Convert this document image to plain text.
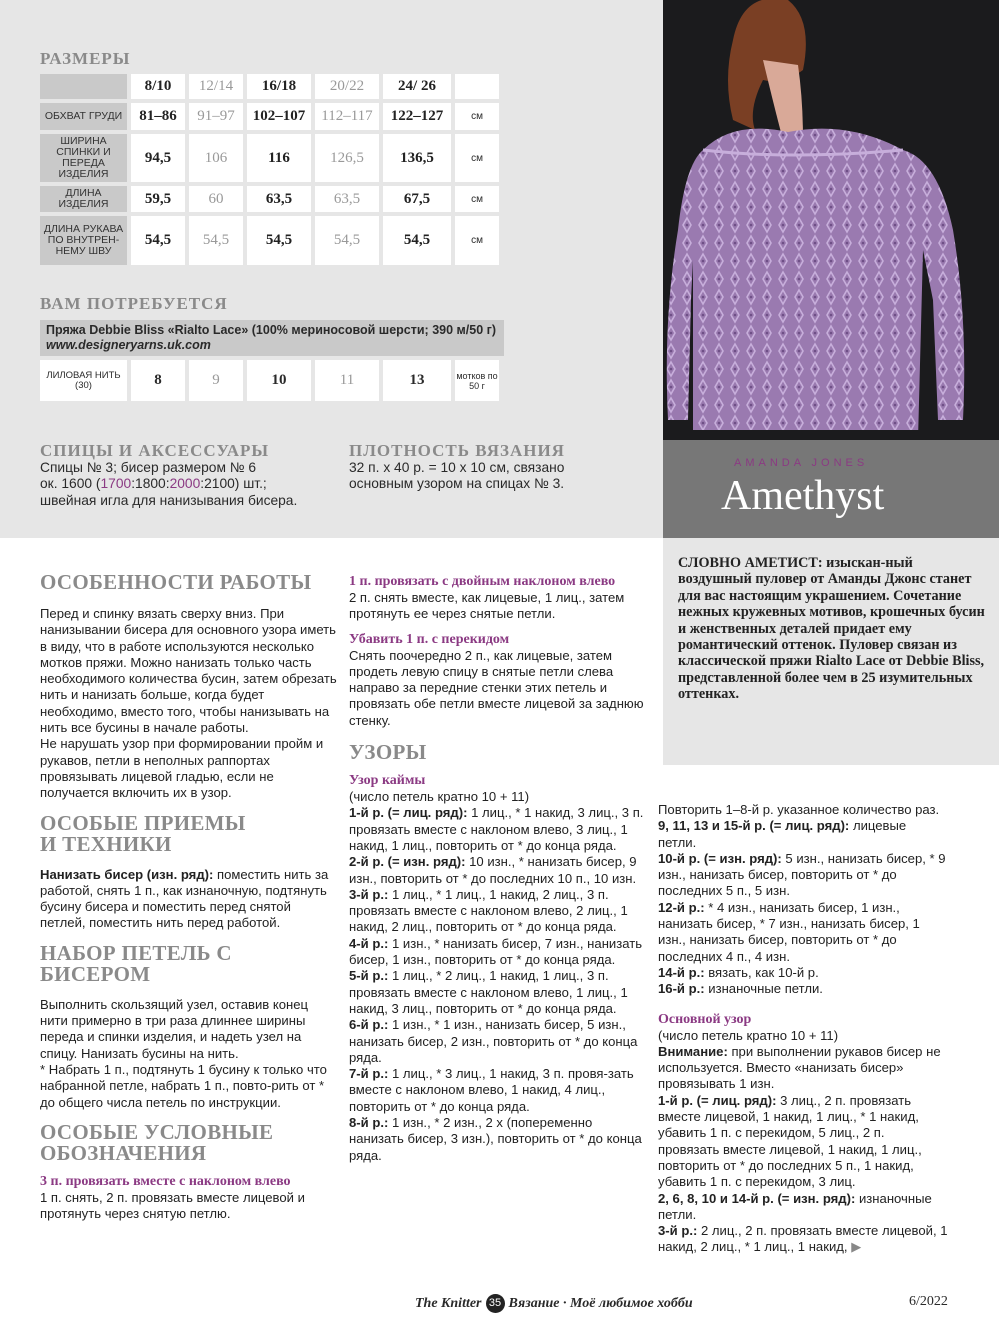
РАЗМЕРЫ
	8/10	12/14	16/18	20/22	24/ 26	
ОБХВАТ ГРУДИ	81–86	91–97	102–107	112–117	122–127	см
ШИРИНА СПИНКИ И ПЕРЕДА ИЗДЕЛИЯ	94,5	106	116	126,5	136,5	см
ДЛИНА ИЗДЕЛИЯ	59,5	60	63,5	63,5	67,5	см
ДЛИНА РУКАВА ПО ВНУТРЕН-НЕМУ ШВУ	54,5	54,5	54,5	54,5	54,5	см
ВАМ ПОТРЕБУЕТСЯ
Пряжа Debbie Bliss «Rialto Lace» (100% мериносовой шерсти; 390 м/50 г)
www.designeryarns.uk.com
ЛИЛОВАЯ НИТЬ (30)	8	9	10	11	13	мотков по 50 г
СПИЦЫ И АКСЕССУАРЫ
Спицы № 3; бисер размером № 6
ок. 1600 (1700:1800:2000:2100) шт.;
швейная игла для нанизывания бисера.
ПЛОТНОСТЬ ВЯЗАНИЯ
32 п. х 40 р. = 10 х 10 см, связано
основным узором на спицах № 3.
AMANDA JONES
Amethyst
СЛОВНО АМЕТИСТ: изыскан-ный воздушный пуловер от Аманды Джонс станет для вас настоящим украшением. Сочетание нежных кружевных мотивов, крошечных бусин и женственных деталей придает ему романтический оттенок. Пуловер связан из классической пряжи Rialto Lace от Debbie Bliss, представленной более чем в 25 изумительных оттенках.
ОСОБЕННОСТИ РАБОТЫ

Перед и спинку вязать сверху вниз. При нанизывании бисера для основного узора иметь в виду, что в работе используются несколько мотков пряжи. Можно нанизать только часть необходимого количества бусин, затем обрезать нить и нанизать больше, когда будет необходимо, вместо того, чтобы нанизывать на нить все бусины в начале работы.

Не нарушать узор при формировании пройм и рукавов, петли в неполных раппортах провязывать лицевой гладью, если не получается включить их в узор.

ОСОБЫЕ ПРИЕМЫ И ТЕХНИКИ

Нанизать бисер (изн. ряд): поместить нить за работой, снять 1 п., как изнаночную, подтянуть бусину бисера и поместить перед снятой петлей, поместить нить перед работой.

НАБОР ПЕТЕЛЬ С БИСЕРОМ

Выполнить скользящий узел, оставив конец нити примерно в три раза длиннее ширины переда и спинки изделия, и надеть узел на спицу. Нанизать бусины на нить.

* Набрать 1 п., подтянуть 1 бусину к только что набранной петле, набрать 1 п., повто-рить от * до общего числа петель по инструкции.

ОСОБЫЕ УСЛОВНЫЕ ОБОЗНАЧЕНИЯ
3 п. провязать вместе с наклоном влево

1 п. снять, 2 п. провязать вместе лицевой и протянуть через снятую петлю.

1 п. провязать с двойным наклоном влево

2 п. снять вместе, как лицевые, 1 лиц., затем протянуть ее через снятые петли.

Убавить 1 п. с перекидом

Снять поочередно 2 п., как лицевые, затем продеть левую спицу в снятые петли слева направо за передние стенки этих петель и провязать обе петли вместе лицевой за заднюю стенку.

УЗОРЫ
Узор каймы

(число петель кратно 10 + 11)

1-й р. (= лиц. ряд): 1 лиц., * 1 накид, 3 лиц., 3 п. провязать вместе с наклоном влево, 3 лиц., 1 накид, 1 лиц., повторить от * до конца ряда.

2-й р. (= изн. ряд): 10 изн., * нанизать бисер, 9 изн., повторить от * до последних 10 п., 10 изн.

3-й р.: 1 лиц., * 1 лиц., 1 накид, 2 лиц., 3 п. провязать вместе с наклоном влево, 2 лиц., 1 накид, 2 лиц., повторить от * до конца ряда.

4-й р.: 1 изн., * нанизать бисер, 7 изн., нанизать бисер, 1 изн., повторить от * до конца ряда.

5-й р.: 1 лиц., * 2 лиц., 1 накид, 1 лиц., 3 п. провязать вместе с наклоном влево, 1 лиц., 1 накид, 3 лиц., повторить от * до конца ряда.

6-й р.: 1 изн., * 1 изн., нанизать бисер, 5 изн., нанизать бисер, 2 изн., повторить от * до конца ряда.

7-й р.: 1 лиц., * 3 лиц., 1 накид, 3 п. провя-зать вместе с наклоном влево, 1 накид, 4 лиц., повторить от * до конца ряда.

8-й р.: 1 изн., * 2 изн., 2 х (попеременно нанизать бисер, 3 изн.), повторить от * до конца ряда.

Повторить 1–8-й р. указанное количество раз.

9, 11, 13 и 15-й р. (= лиц. ряд): лицевые петли.

10-й р. (= изн. ряд): 5 изн., нанизать бисер, * 9 изн., нанизать бисер, повторить от * до последних 5 п., 5 изн.

12-й р.: * 4 изн., нанизать бисер, 1 изн., нанизать бисер, * 7 изн., нанизать бисер, 1 изн., нанизать бисер, повторить от * до последних 4 п., 4 изн.

14-й р.: вязать, как 10-й р.

16-й р.: изнаночные петли.

Основной узор

(число петель кратно 10 + 11)

Внимание: при выполнении рукавов бисер не используется. Вместо «нанизать бисер» провязывать 1 изн.

1-й р. (= лиц. ряд): 3 лиц., 2 п. провязать вместе лицевой, 1 накид, 1 лиц., * 1 накид, убавить 1 п. с перекидом, 5 лиц., 2 п. провязать вместе лицевой, 1 накид, 1 лиц., повторить от * до последних 5 п., 1 накид, убавить 1 п. с перекидом, 3 лиц.

2, 6, 8, 10 и 14-й р. (= изн. ряд): изнаночные петли.

3-й р.: 2 лиц., 2 п. провязать вместе лицевой, 1 накид, 2 лиц., * 1 лиц., 1 накид, ▶

The Knitter 35 Вязание · Моё любимое хобби	6/2022
